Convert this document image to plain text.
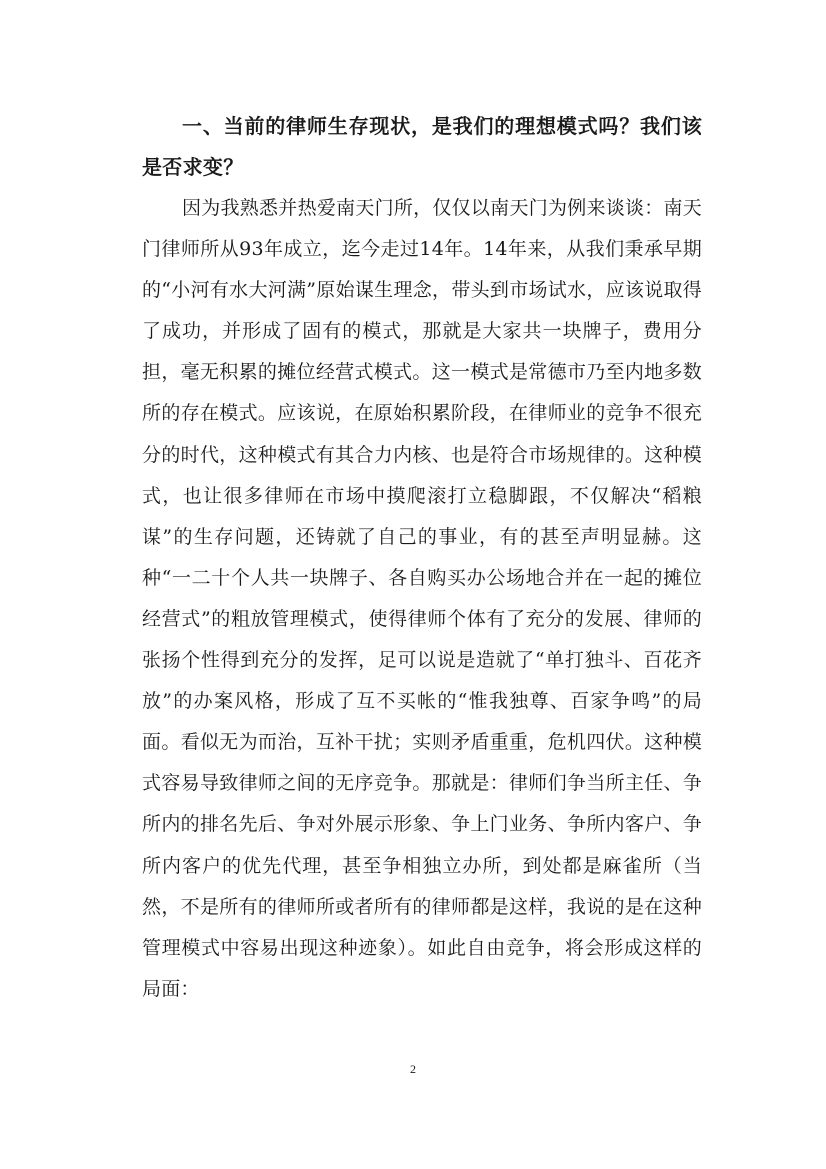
一、当前的律师生存现状，是我们的理想模式吗？我们该是否求变？

因为我熟悉并热爱南天门所，仅仅以南天门为例来谈谈：南天门律师所从93年成立，迄今走过14年。14年来，从我们秉承早期的“小河有水大河满”原始谋生理念，带头到市场试水，应该说取得了成功，并形成了固有的模式，那就是大家共一块牌子，费用分担，毫无积累的摊位经营式模式。这一模式是常德市乃至内地多数所的存在模式。应该说，在原始积累阶段，在律师业的竞争不很充分的时代，这种模式有其合力内核、也是符合市场规律的。这种模式，也让很多律师在市场中摸爬滚打立稳脚跟，不仅解决“稻粮谋”的生存问题，还铸就了自己的事业，有的甚至声明显赫。这种“一二十个人共一块牌子、各自购买办公场地合并在一起的摊位经营式”的粗放管理模式，使得律师个体有了充分的发展、律师的张扬个性得到充分的发挥，足可以说是造就了“单打独斗、百花齐放”的办案风格，形成了互不买帐的“惟我独尊、百家争鸣”的局面。看似无为而治，互补干扰；实则矛盾重重，危机四伏。这种模式容易导致律师之间的无序竞争。那就是：律师们争当所主任、争所内的排名先后、争对外展示形象、争上门业务、争所内客户、争所内客户的优先代理，甚至争相独立办所，到处都是麻雀所（当然，不是所有的律师所或者所有的律师都是这样，我说的是在这种管理模式中容易出现这种迹象）。如此自由竞争，将会形成这样的局面：

2
